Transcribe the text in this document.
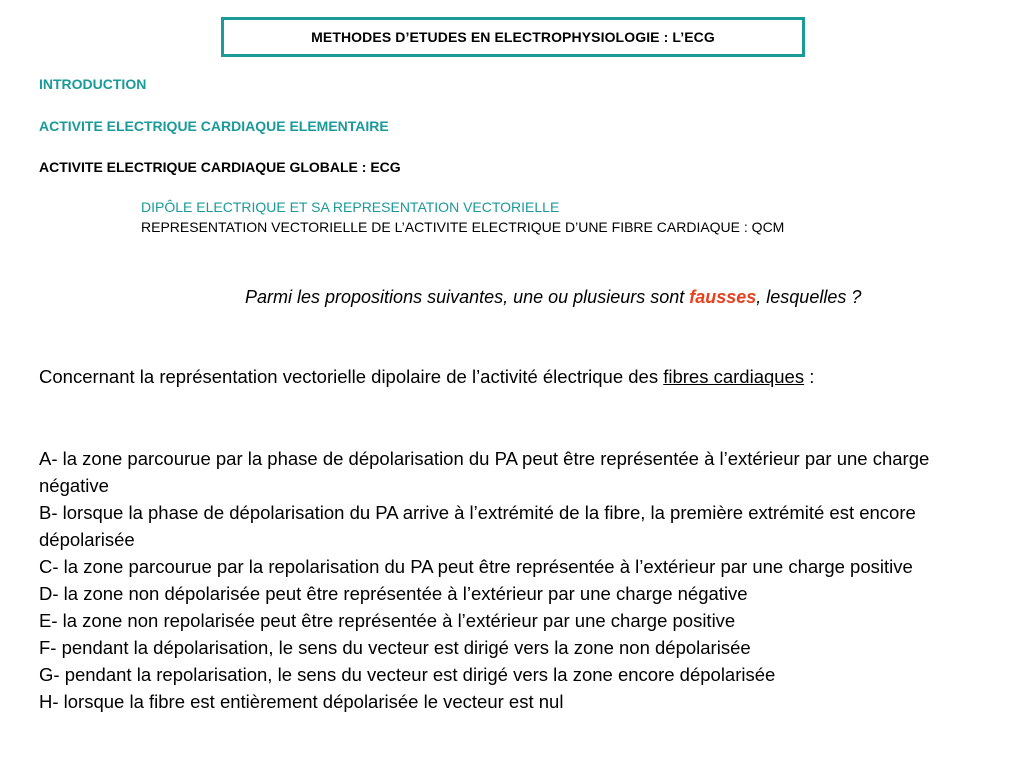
METHODES D’ETUDES EN ELECTROPHYSIOLOGIE : L’ECG
INTRODUCTION
ACTIVITE ELECTRIQUE CARDIAQUE ELEMENTAIRE
ACTIVITE ELECTRIQUE CARDIAQUE GLOBALE : ECG
DIPÔLE ELECTRIQUE ET SA REPRESENTATION VECTORIELLE
REPRESENTATION VECTORIELLE DE L’ACTIVITE ELECTRIQUE D’UNE FIBRE CARDIAQUE : QCM
Parmi les propositions suivantes, une ou plusieurs sont fausses, lesquelles ?
Concernant la représentation vectorielle dipolaire de l’activité électrique des fibres cardiaques :
A- la zone parcourue par la phase de dépolarisation du PA peut être représentée à l’extérieur par une charge négative
B- lorsque la phase de dépolarisation du PA arrive à l’extrémité de la fibre, la première extrémité est encore dépolarisée
C- la zone parcourue par la repolarisation du PA peut être représentée à l’extérieur par une charge positive
D- la zone non dépolarisée peut être représentée à l’extérieur par une charge négative
E- la zone non repolarisée peut être représentée à l’extérieur par une charge positive
F- pendant la dépolarisation, le sens du vecteur est dirigé vers la zone non dépolarisée
G- pendant la repolarisation, le sens du vecteur est dirigé vers la zone encore dépolarisée
H- lorsque la fibre est entièrement dépolarisée le vecteur est nul
